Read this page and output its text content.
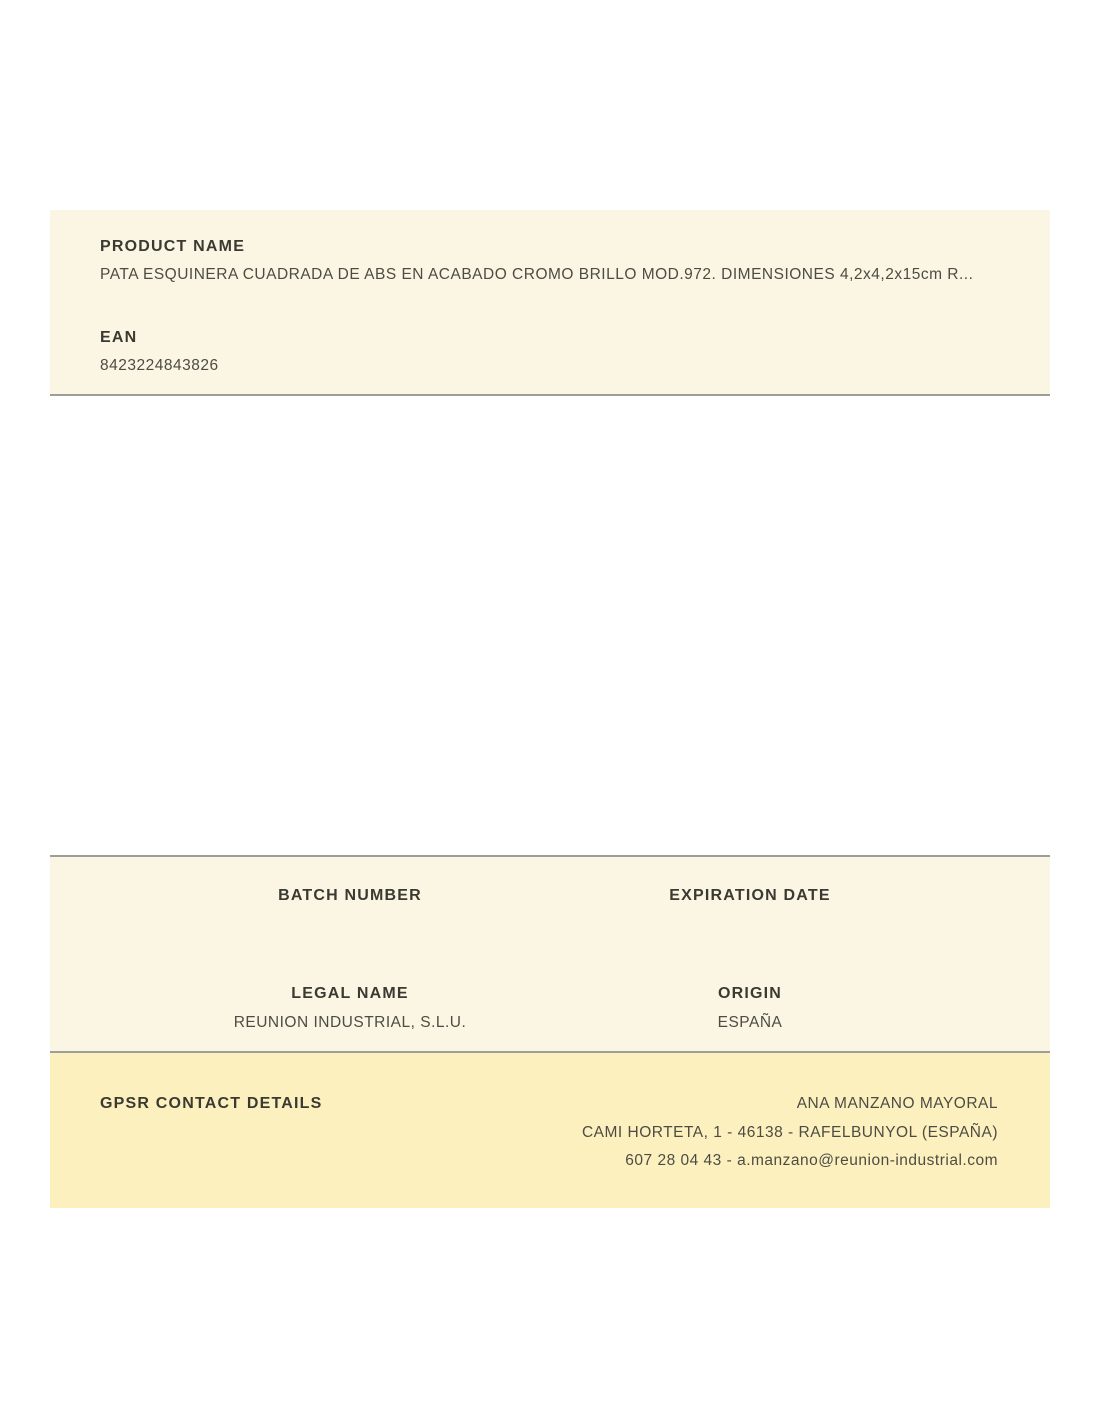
PRODUCT NAME
PATA ESQUINERA CUADRADA DE ABS EN ACABADO CROMO BRILLO MOD.972. DIMENSIONES 4,2x4,2x15cm R...
EAN
8423224843826
BATCH NUMBER	EXPIRATION DATE
LEGAL NAME
REUNION INDUSTRIAL, S.L.U.
ORIGIN
ESPAÑA
GPSR CONTACT DETAILS	ANA MANZANO MAYORAL
CAMI HORTETA, 1 - 46138 - RAFELBUNYOL (ESPAÑA)
607 28 04 43 - a.manzano@reunion-industrial.com
